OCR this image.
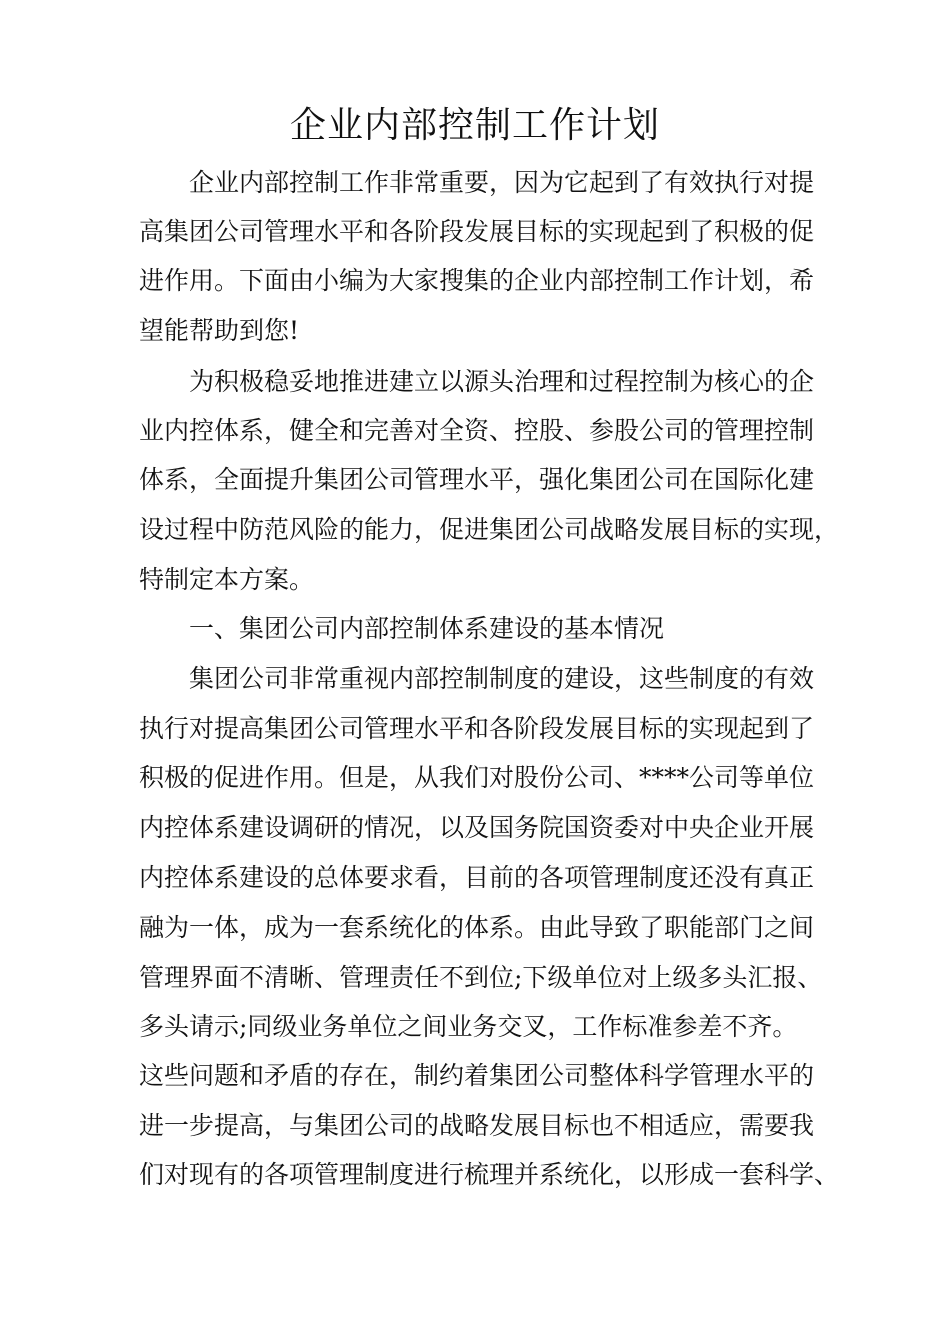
企业内部控制工作计划

企业内部控制工作非常重要，因为它起到了有效执行对提

高集团公司管理水平和各阶段发展目标的实现起到了积极的促

进作用。下面由小编为大家搜集的企业内部控制工作计划，希

望能帮助到您!

为积极稳妥地推进建立以源头治理和过程控制为核心的企

业内控体系，健全和完善对全资、控股、参股公司的管理控制

体系，全面提升集团公司管理水平，强化集团公司在国际化建

设过程中防范风险的能力，促进集团公司战略发展目标的实现，

特制定本方案。

一、集团公司内部控制体系建设的基本情况

集团公司非常重视内部控制制度的建设，这些制度的有效

执行对提高集团公司管理水平和各阶段发展目标的实现起到了

积极的促进作用。但是，从我们对股份公司、****公司等单位

内控体系建设调研的情况，以及国务院国资委对中央企业开展

内控体系建设的总体要求看，目前的各项管理制度还没有真正

融为一体，成为一套系统化的体系。由此导致了职能部门之间

管理界面不清晰、管理责任不到位;下级单位对上级多头汇报、

多头请示;同级业务单位之间业务交叉，工作标准参差不齐。

这些问题和矛盾的存在，制约着集团公司整体科学管理水平的

进一步提高，与集团公司的战略发展目标也不相适应，需要我

们对现有的各项管理制度进行梳理并系统化，以形成一套科学、
